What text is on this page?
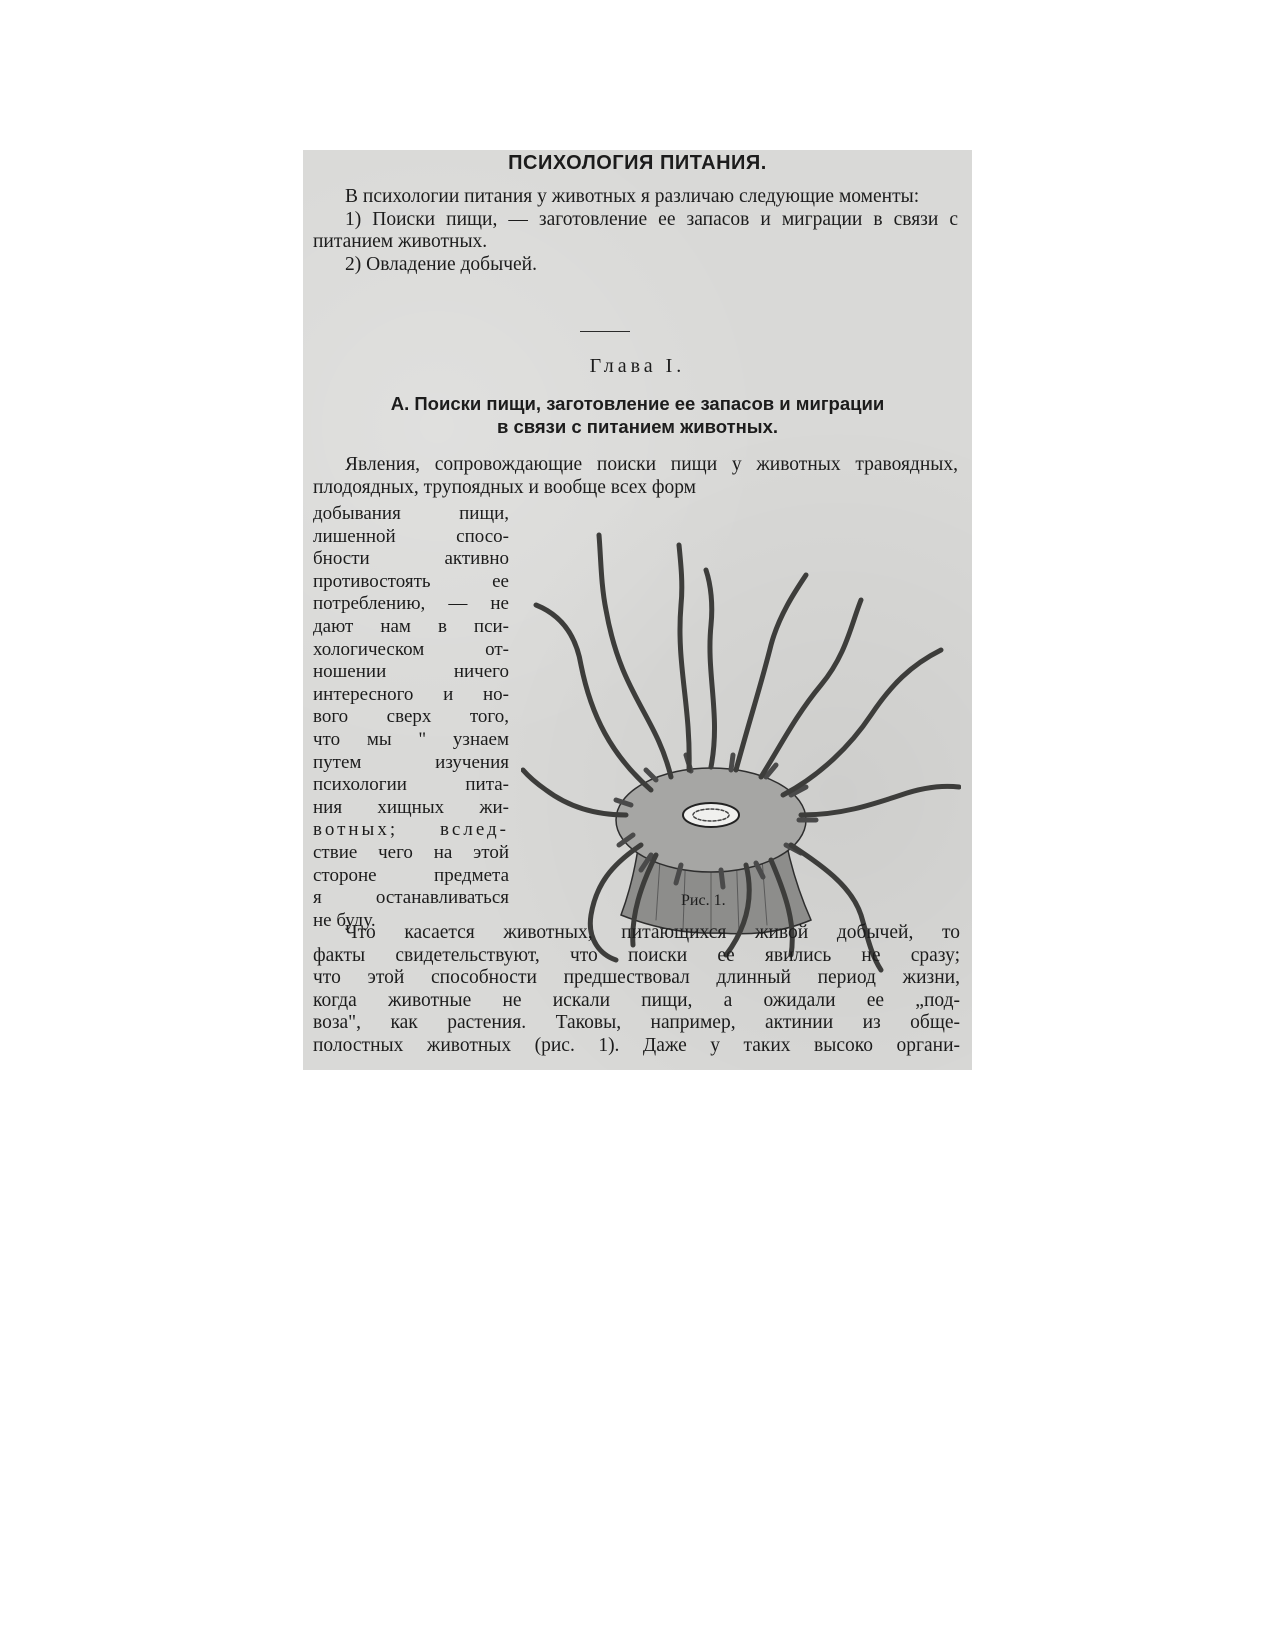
ПСИХОЛОГИЯ ПИТАНИЯ.

В психологии питания у животных я различаю следующие моменты:

1) Поиски пищи, — заготовление ее запасов и миграции в связи с питанием животных.

2) Овладение добычей.

Глава I.
А. Поиски пищи, заготовление ее запасов и миграции
в связи с питанием животных.

Явления, сопровождающие поиски пищи у животных травоядных, плодоядных, трупоядных и вообще всех форм

добывания пищи,
лишенной спосо-
бности активно
противостоять ее
потреблению, — не
дают нам в пси-
хологическом от-
ношении ничего
интересного и но-
вого сверх того,
что мы " узнаем
путем изучения
психологии пита-
ния хищных жи-
вотных; вслед-
ствие чего на этой
стороне предмета
я останавливаться
не буду.
Рис. 1.
Что касается животных, питающихся живой добычей, то
факты свидетельствуют, что поиски ее явились не сразу;
что этой способности предшествовал длинный период жизни,
когда животные не искали пищи, а ожидали ее „под-
воза", как растения. Таковы, например, актинии из обще-
полостных животных (рис. 1). Даже у таких высоко органи-
